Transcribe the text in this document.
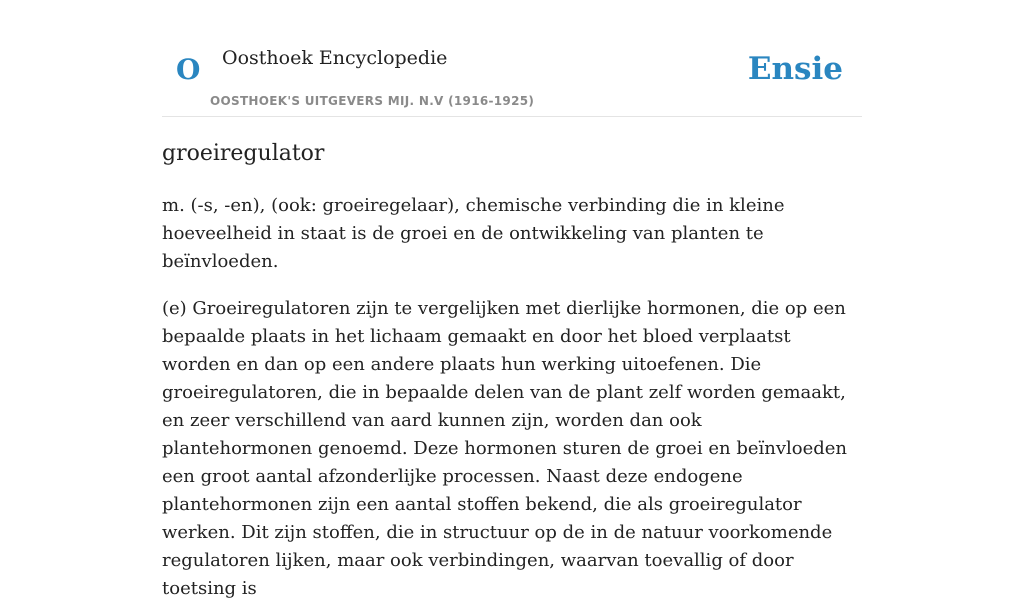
O Oosthoek Encyclopedie
OOSTHOEK'S UITGEVERS MIJ. N.V (1916-1925)
Ensie
groeiregulator

m. (-s, -en), (ook: groeiregelaar), chemische verbinding die in kleine hoeveelheid in staat is de groei en de ontwikkeling van planten te beïnvloeden.

(e) Groeiregulatoren zijn te vergelijken met dierlijke hormonen, die op een bepaalde plaats in het lichaam gemaakt en door het bloed verplaatst worden en dan op een andere plaats hun werking uitoefenen. Die groeiregulatoren, die in bepaalde delen van de plant zelf worden gemaakt, en zeer verschillend van aard kunnen zijn, worden dan ook plantehormonen genoemd. Deze hormonen sturen de groei en beïnvloeden een groot aantal afzonderlijke processen. Naast deze endogene plantehormonen zijn een aantal stoffen bekend, die als groeiregulator werken. Dit zijn stoffen, die in structuur op de in de natuur voorkomende regulatoren lijken, maar ook verbindingen, waarvan toevallig of door toetsing is
